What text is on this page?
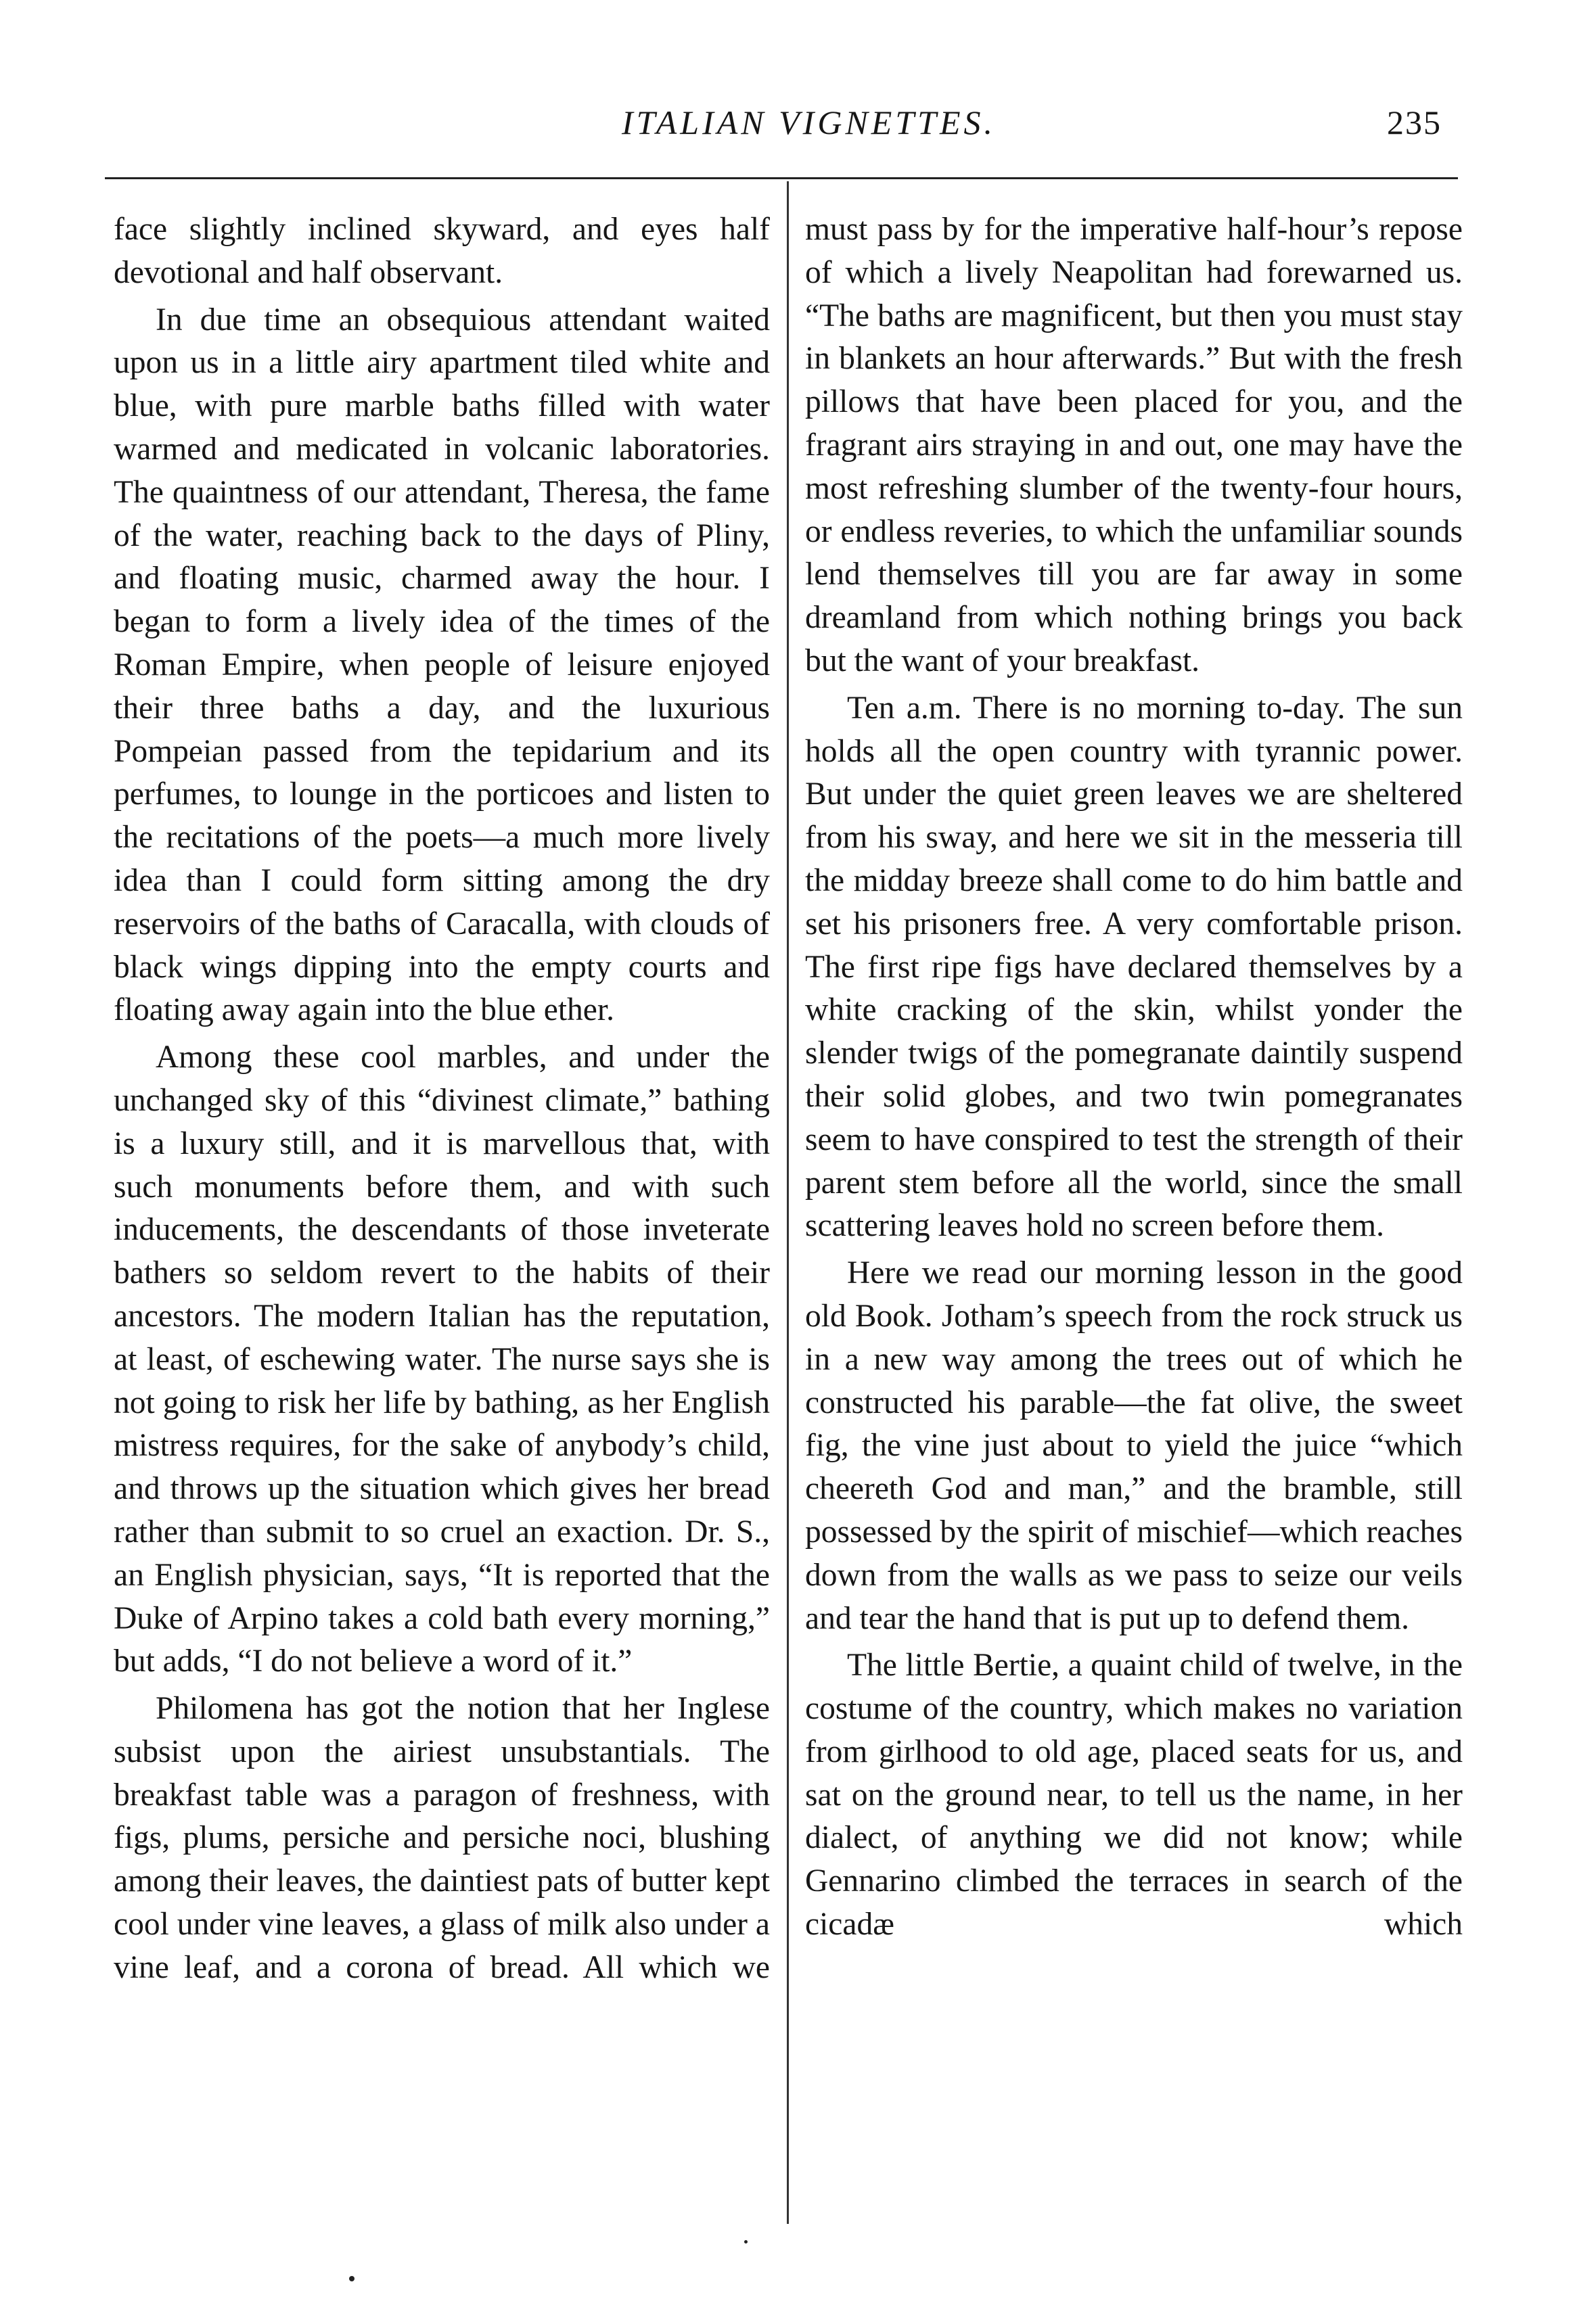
ITALIAN VIGNETTES.	235

face slightly inclined skyward, and eyes half devotional and half observant.

In due time an obsequious attendant waited upon us in a little airy apartment tiled white and blue, with pure marble baths filled with water warmed and medicated in volcanic laboratories. The quaintness of our attendant, Theresa, the fame of the water, reaching back to the days of Pliny, and floating music, charmed away the hour. I began to form a lively idea of the times of the Roman Empire, when people of leisure enjoyed their three baths a day, and the luxurious Pompeian passed from the tepidarium and its perfumes, to lounge in the porticoes and listen to the recitations of the poets—a much more lively idea than I could form sitting among the dry reservoirs of the baths of Caracalla, with clouds of black wings dipping into the empty courts and floating away again into the blue ether.

Among these cool marbles, and under the unchanged sky of this “divinest climate,” bathing is a luxury still, and it is marvellous that, with such monuments before them, and with such inducements, the descendants of those inveterate bathers so seldom revert to the habits of their ancestors. The modern Italian has the reputation, at least, of eschewing water. The nurse says she is not going to risk her life by bathing, as her English mistress requires, for the sake of anybody’s child, and throws up the situation which gives her bread rather than submit to so cruel an exaction. Dr. S., an English physician, says, “It is reported that the Duke of Arpino takes a cold bath every morning,” but adds, “I do not believe a word of it.”

Philomena has got the notion that her Inglese subsist upon the airiest unsubstantials. The breakfast table was a paragon of freshness, with figs, plums, persiche and persiche noci, blushing among their leaves, the daintiest pats of butter kept cool under vine leaves, a glass of milk also under a vine leaf, and a corona of bread. All which we

must pass by for the imperative half-hour’s repose of which a lively Neapolitan had forewarned us. “The baths are magnificent, but then you must stay in blankets an hour afterwards.” But with the fresh pillows that have been placed for you, and the fragrant airs straying in and out, one may have the most refreshing slumber of the twenty-four hours, or endless reveries, to which the unfamiliar sounds lend themselves till you are far away in some dreamland from which nothing brings you back but the want of your breakfast.

Ten a.m. There is no morning to-day. The sun holds all the open country with tyrannic power. But under the quiet green leaves we are sheltered from his sway, and here we sit in the messeria till the midday breeze shall come to do him battle and set his prisoners free. A very comfortable prison. The first ripe figs have declared themselves by a white cracking of the skin, whilst yonder the slender twigs of the pomegranate daintily suspend their solid globes, and two twin pomegranates seem to have conspired to test the strength of their parent stem before all the world, since the small scattering leaves hold no screen before them.

Here we read our morning lesson in the good old Book. Jotham’s speech from the rock struck us in a new way among the trees out of which he constructed his parable—the fat olive, the sweet fig, the vine just about to yield the juice “which cheereth God and man,” and the bramble, still possessed by the spirit of mischief—which reaches down from the walls as we pass to seize our veils and tear the hand that is put up to defend them.

The little Bertie, a quaint child of twelve, in the costume of the country, which makes no variation from girlhood to old age, placed seats for us, and sat on the ground near, to tell us the name, in her dialect, of anything we did not know; while Gennarino climbed the terraces in search of the cicadæ which
